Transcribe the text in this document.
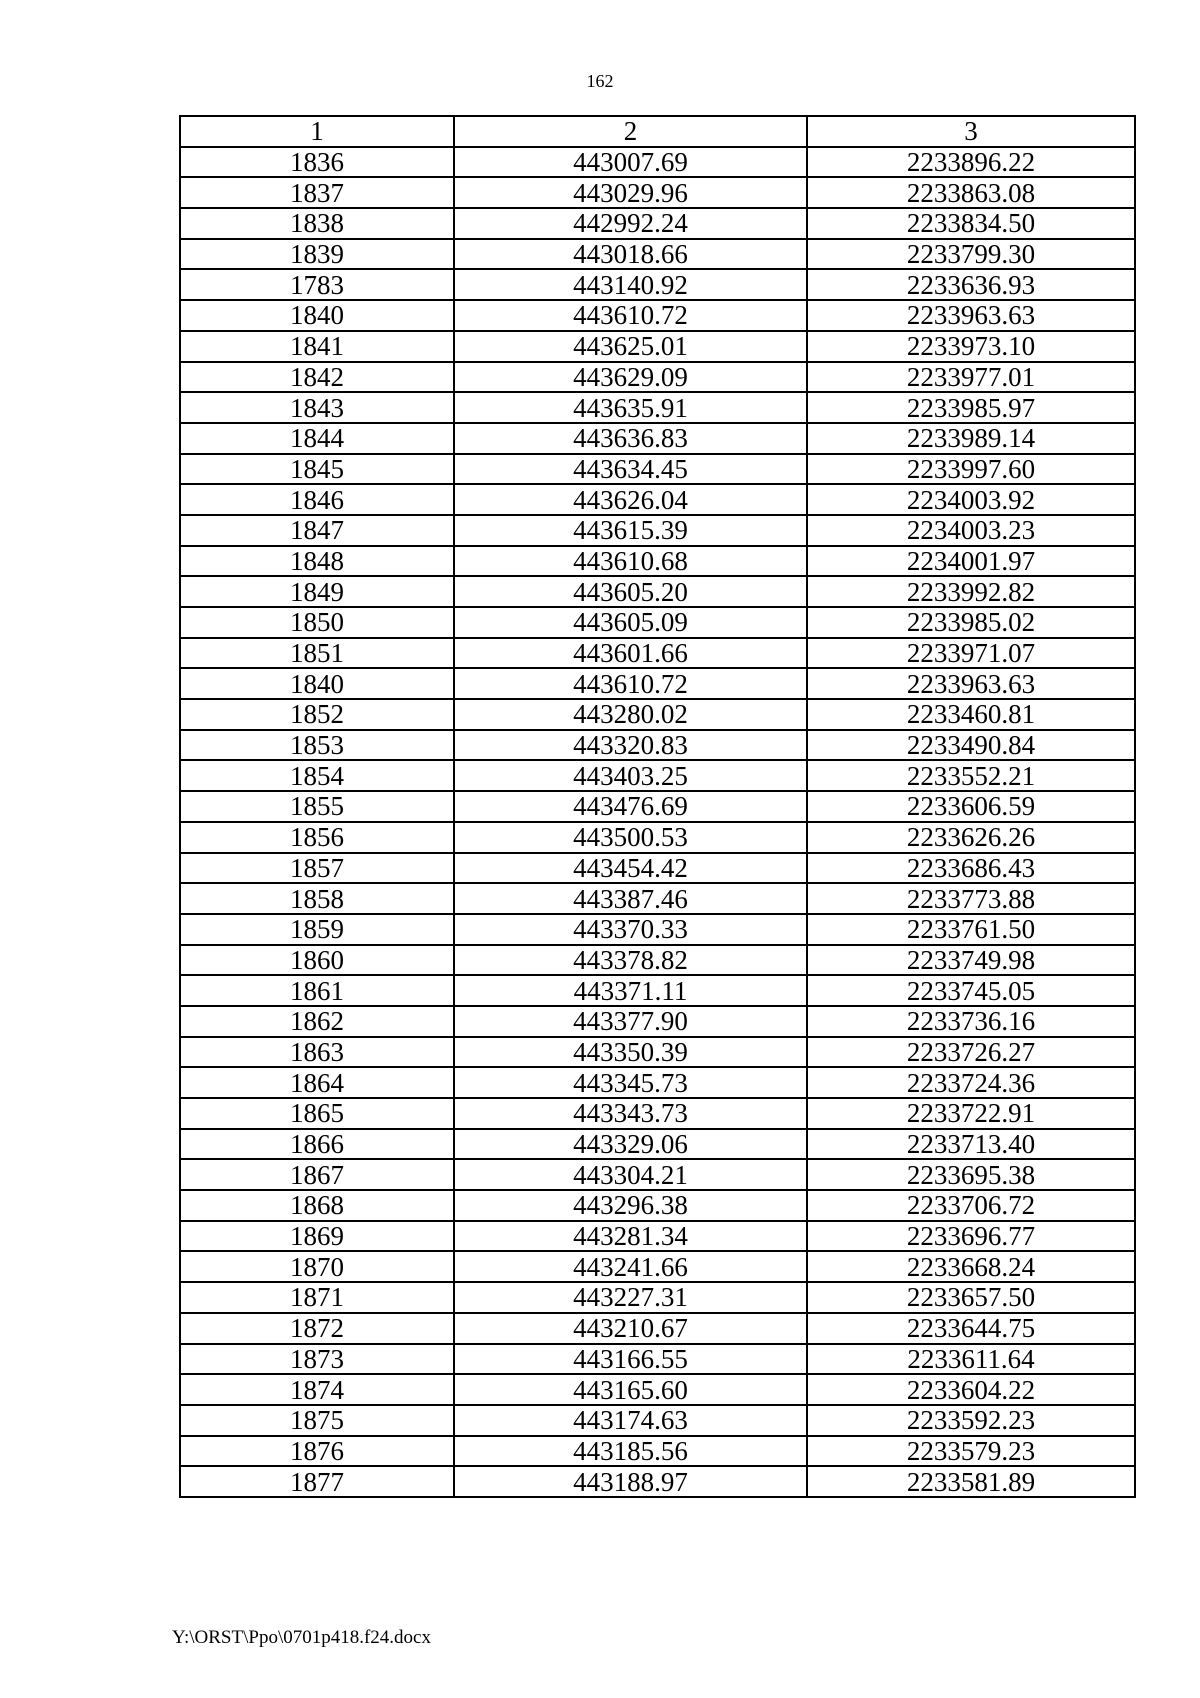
162
1	2	3
1836	443007.69	2233896.22
1837	443029.96	2233863.08
1838	442992.24	2233834.50
1839	443018.66	2233799.30
1783	443140.92	2233636.93
1840	443610.72	2233963.63
1841	443625.01	2233973.10
1842	443629.09	2233977.01
1843	443635.91	2233985.97
1844	443636.83	2233989.14
1845	443634.45	2233997.60
1846	443626.04	2234003.92
1847	443615.39	2234003.23
1848	443610.68	2234001.97
1849	443605.20	2233992.82
1850	443605.09	2233985.02
1851	443601.66	2233971.07
1840	443610.72	2233963.63
1852	443280.02	2233460.81
1853	443320.83	2233490.84
1854	443403.25	2233552.21
1855	443476.69	2233606.59
1856	443500.53	2233626.26
1857	443454.42	2233686.43
1858	443387.46	2233773.88
1859	443370.33	2233761.50
1860	443378.82	2233749.98
1861	443371.11	2233745.05
1862	443377.90	2233736.16
1863	443350.39	2233726.27
1864	443345.73	2233724.36
1865	443343.73	2233722.91
1866	443329.06	2233713.40
1867	443304.21	2233695.38
1868	443296.38	2233706.72
1869	443281.34	2233696.77
1870	443241.66	2233668.24
1871	443227.31	2233657.50
1872	443210.67	2233644.75
1873	443166.55	2233611.64
1874	443165.60	2233604.22
1875	443174.63	2233592.23
1876	443185.56	2233579.23
1877	443188.97	2233581.89
Y:\ORST\Ppo\0701p418.f24.docx
